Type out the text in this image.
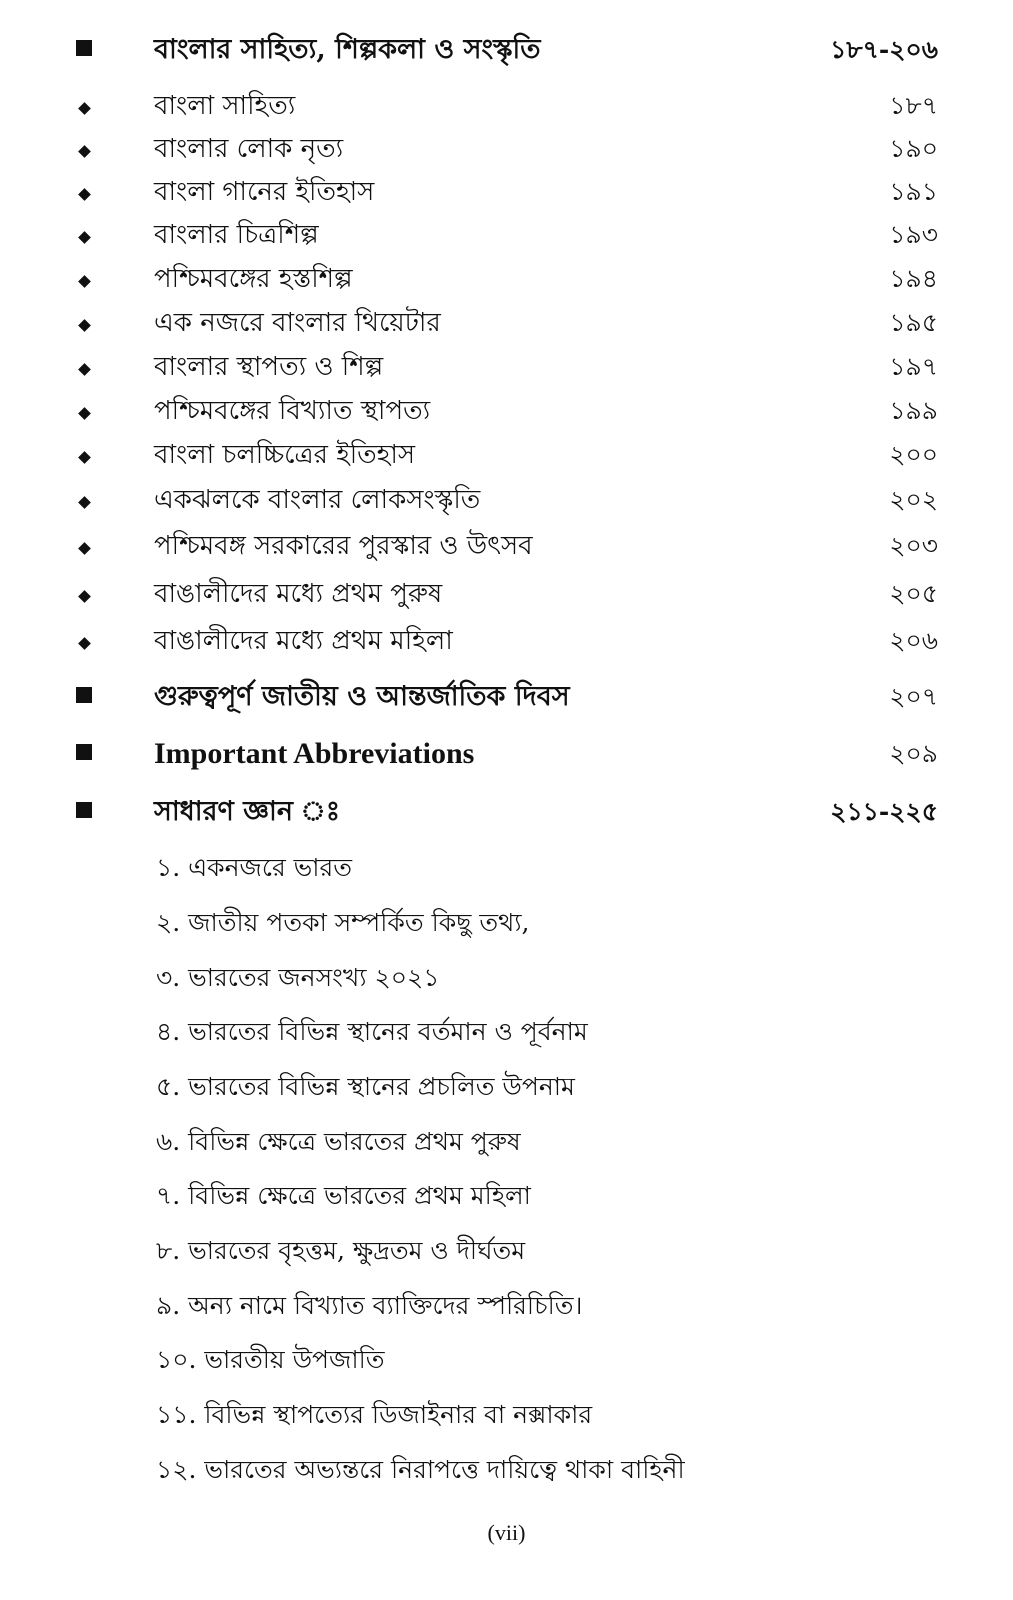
বাংলার সাহিত্য, শিল্পকলা ও সংস্কৃতি	১৮৭-২০৬
বাংলা সাহিত্য	১৮৭
বাংলার লোক নৃত্য	১৯০
বাংলা গানের ইতিহাস	১৯১
বাংলার চিত্রশিল্প	১৯৩
পশ্চিমবঙ্গের হস্তশিল্প	১৯৪
এক নজরে বাংলার থিয়েটার	১৯৫
বাংলার স্থাপত্য ও শিল্প	১৯৭
পশ্চিমবঙ্গের বিখ্যাত স্থাপত্য	১৯৯
বাংলা চলচ্চিত্রের ইতিহাস	২০০
একঝলকে বাংলার লোকসংস্কৃতি	২০২
পশ্চিমবঙ্গ সরকারের পুরস্কার ও উৎসব	২০৩
বাঙালীদের মধ্যে প্রথম পুরুষ	২০৫
বাঙালীদের মধ্যে প্রথম মহিলা	২০৬
গুরুত্বপূর্ণ জাতীয় ও আন্তর্জাতিক দিবস	২০৭
Important Abbreviations	২০৯
সাধারণ জ্ঞান ঃ	২১১-২২৫
১. একনজরে ভারত
২. জাতীয় পতকা সম্পর্কিত কিছু তথ্য,
৩. ভারতের জনসংখ্য ২০২১
৪. ভারতের বিভিন্ন স্থানের বর্তমান ও পূর্বনাম
৫. ভারতের বিভিন্ন স্থানের প্রচলিত উপনাম
৬. বিভিন্ন ক্ষেত্রে ভারতের প্রথম পুরুষ
৭. বিভিন্ন ক্ষেত্রে ভারতের প্রথম মহিলা
৮. ভারতের বৃহত্তম, ক্ষুদ্রতম ও দীর্ঘতম
৯. অন্য নামে বিখ্যাত ব্যাক্তিদের স্পরিচিতি।
১০. ভারতীয় উপজাতি
১১. বিভিন্ন স্থাপত্যের ডিজাইনার বা নক্সাকার
১২. ভারতের অভ্যন্তরে নিরাপত্তে দায়িত্বে থাকা বাহিনী
(vii)
